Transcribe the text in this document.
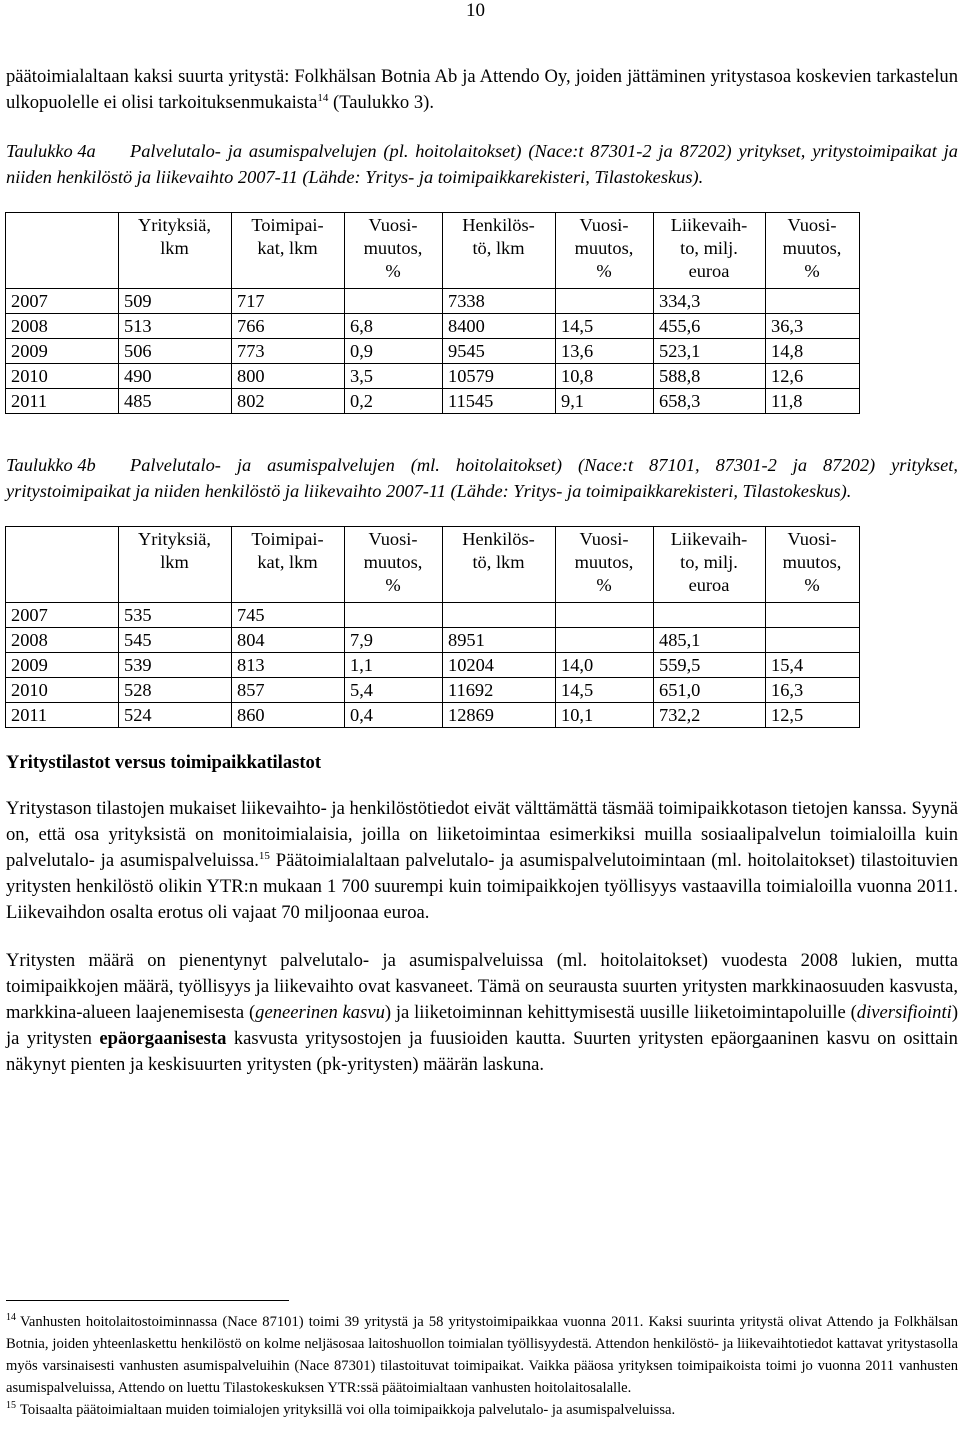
10

päätoimialaltaan kaksi suurta yritystä: Folkhälsan Botnia Ab ja Attendo Oy, joiden jättäminen yritystasoa koskevien tarkastelun ulkopuolelle ei olisi tarkoituksenmukaista$^{14}$ (Taulukko 3).

Taulukko 4a Palvelutalo- ja asumispalvelujen (pl. hoitolaitokset) (Nace:t 87301-2 ja 87202) yritykset, yritystoimipaikat ja niiden henkilöstö ja liikevaihto 2007-11 (Lähde: Yritys- ja toimipaikkarekisteri, Tilastokeskus).

	Yrityksiä,
lkm	Toimipai-
kat, lkm	Vuosi-
muutos,
%	Henkilös-
tö, lkm	Vuosi-
muutos,
%	Liikevaih-
to, milj.
euroa	Vuosi-
muutos,
%

2007	509	717		7338		334,3	
2008	513	766	6,8	8400	14,5	455,6	36,3
2009	506	773	0,9	9545	13,6	523,1	14,8
2010	490	800	3,5	10579	10,8	588,8	12,6
2011	485	802	0,2	11545	9,1	658,3	11,8

Taulukko 4b Palvelutalo- ja asumispalvelujen (ml. hoitolaitokset) (Nace:t 87101, 87301-2 ja 87202) yritykset, yritystoimipaikat ja niiden henkilöstö ja liikevaihto 2007-11 (Lähde: Yritys- ja toimipaikkarekisteri, Tilastokeskus).

	Yrityksiä,
lkm	Toimipai-
kat, lkm	Vuosi-
muutos,
%	Henkilös-
tö, lkm	Vuosi-
muutos,
%	Liikevaih-
to, milj.
euroa	Vuosi-
muutos,
%

2007	535	745					
2008	545	804	7,9	8951		485,1	
2009	539	813	1,1	10204	14,0	559,5	15,4
2010	528	857	5,4	11692	14,5	651,0	16,3
2011	524	860	0,4	12869	10,1	732,2	12,5

Yritystilastot versus toimipaikkatilastot

Yritystason tilastojen mukaiset liikevaihto- ja henkilöstötiedot eivät välttämättä täsmää toimipaikkotason tietojen kanssa. Syynä on, että osa yrityksistä on monitoimialaisia, joilla on liiketoimintaa esimerkiksi muilla sosiaalipalvelun toimialoilla kuin palvelutalo- ja asumispalveluissa.$^{15}$ Päätoimialaltaan palvelutalo- ja asumispalvelutoimintaan (ml. hoitolaitokset) tilastoituvien yritysten henkilöstö olikin YTR:n mukaan 1 700 suurempi kuin toimipaikkojen työllisyys vastaavilla toimialoilla vuonna 2011. Liikevaihdon osalta erotus oli vajaat 70 miljoonaa euroa.

Yritysten määrä on pienentynyt palvelutalo- ja asumispalveluissa (ml. hoitolaitokset) vuodesta 2008 lukien, mutta toimipaikkojen määrä, työllisyys ja liikevaihto ovat kasvaneet. Tämä on seurausta suurten yritysten markkinaosuuden kasvusta, markkina-alueen laajenemisesta (geneerinen kasvu) ja liiketoiminnan kehittymisestä uusille liiketoimintapoluille (diversifiointi) ja yritysten epäorgaanisesta kasvusta yritysostojen ja fuusioiden kautta. Suurten yritysten epäorgaaninen kasvu on osittain näkynyt pienten ja keskisuurten yritysten (pk-yritysten) määrän laskuna.

$^{14}$ Vanhusten hoitolaitostoiminnassa (Nace 87101) toimi 39 yritystä ja 58 yritystoimipaikkaa vuonna 2011. Kaksi suurinta yritystä olivat Attendo ja Folkhälsan Botnia, joiden yhteenlaskettu henkilöstö on kolme neljäsosaa laitoshuollon toimialan työllisyydestä. Attendon henkilöstö- ja liikevaihtotiedot kattavat yritystasolla myös varsinaisesti vanhusten asumispalveluihin (Nace 87301) tilastoituvat toimipaikat. Vaikka pääosa yrityksen toimipaikoista toimi jo vuonna 2011 vanhusten asumispalveluissa, Attendo on luettu Tilastokeskuksen YTR:ssä päätoimialtaan vanhusten hoitolaitosalalle.

$^{15}$ Toisaalta päätoimialtaan muiden toimialojen yrityksillä voi olla toimipaikkoja palvelutalo- ja asumispalveluissa.
